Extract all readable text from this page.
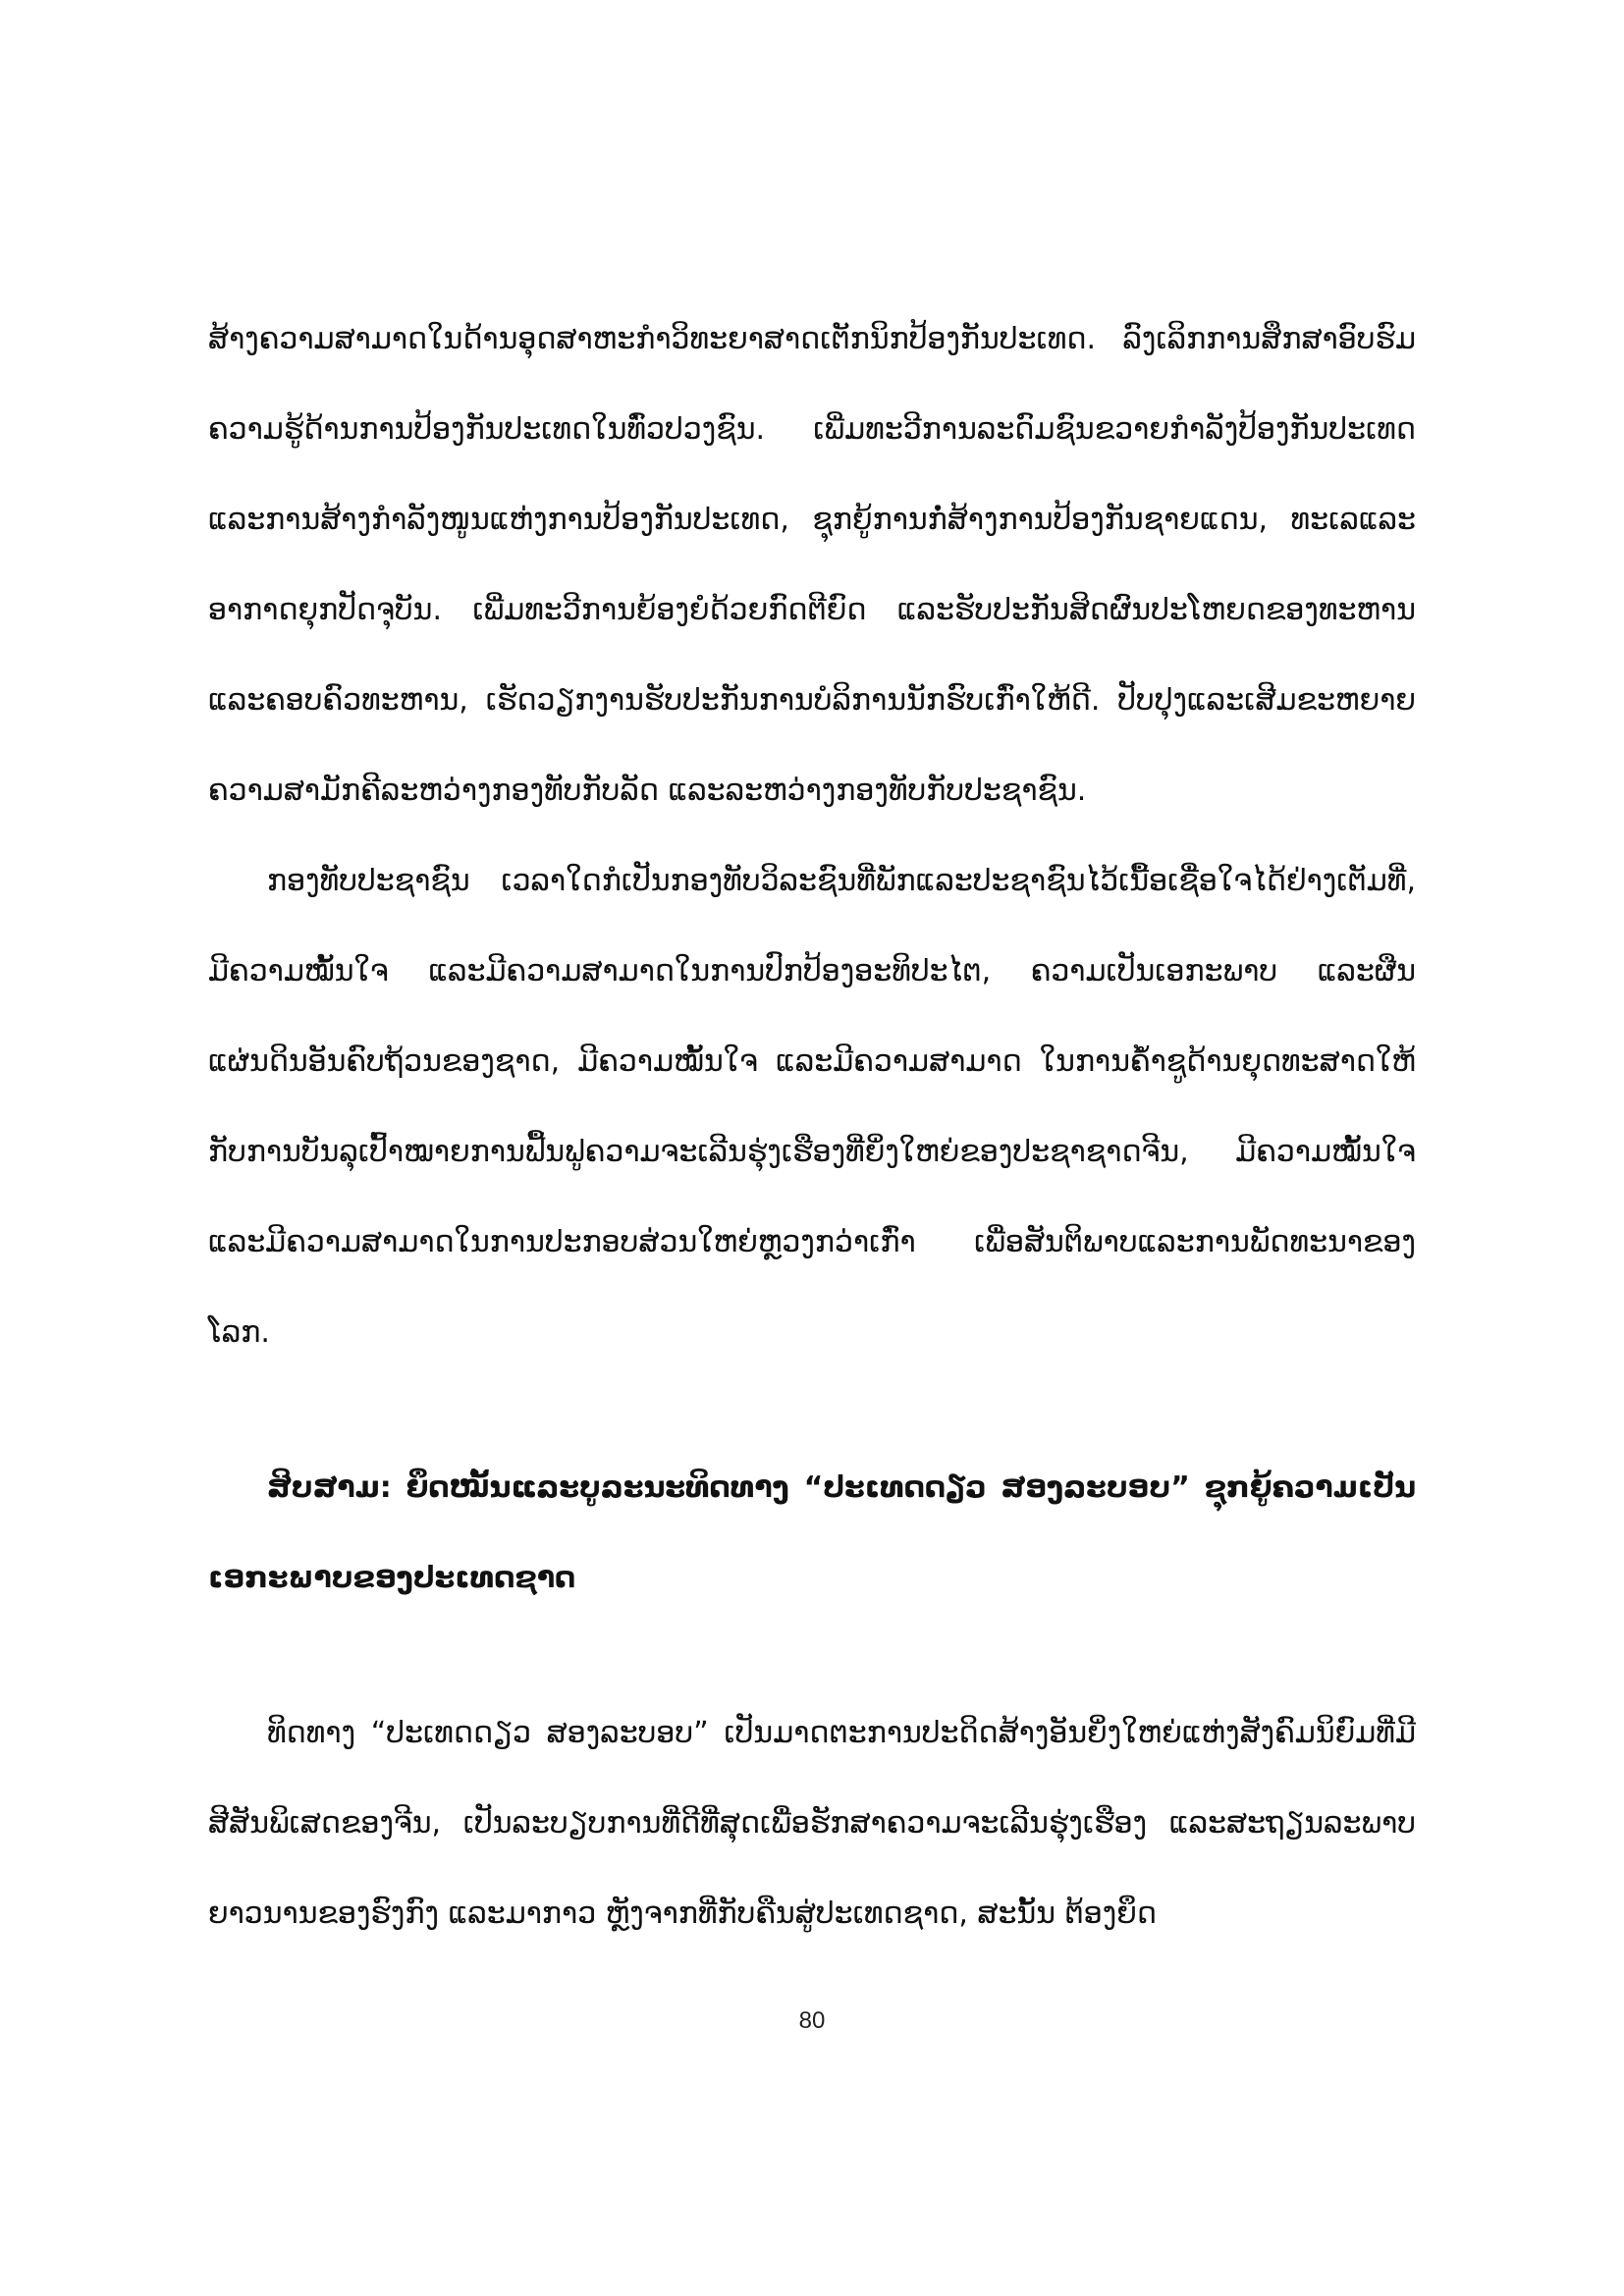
ສ້າງຄວາມສາມາດໃນດ້ານອຸດສາຫະກຳວິທະຍາສາດເຕັກນິກປ້ອງກັນປະເທດ. ລົງເລິກການສຶກສາອົບຮົມຄວາມຮູ້ດ້ານການປ້ອງກັນປະເທດໃນທົ່ວປວງຊົນ. ເພີ່ມທະວີການລະດົມຊົນຂວາຍກຳລັງປ້ອງກັນປະເທດແລະການສ້າງກຳລັງໜູນແຫ່ງການປ້ອງກັນປະເທດ, ຊຸກຍູ້ການກໍ່ສ້າງການປ້ອງກັນຊາຍແດນ, ທະເລແລະອາກາດຍຸກປັດຈຸບັນ. ເພີ່ມທະວີການຍ້ອງຍໍດ້ວຍກົດຕີຍົດ ແລະຮັບປະກັນສິດຜົນປະໂຫຍດຂອງທະຫານ ແລະຄອບຄົວທະຫານ, ເຮັດວຽກງານຮັບປະກັນການບໍລິການນັກຮົບເກົ່າໃຫ້ດີ. ປັບປຸງແລະເສີມຂະຫຍາຍຄວາມສາມັກຄີລະຫວ່າງກອງທັບກັບລັດ ແລະລະຫວ່າງກອງທັບກັບປະຊາຊົນ.

ກອງທັບປະຊາຊົນ ເວລາໃດກໍເປັນກອງທັບວິລະຊົນທີ່ພັກແລະປະຊາຊົນໄວ້ເນື້ອເຊື່ອໃຈໄດ້ຢ່າງເຕັມທີ່, ມີຄວາມໝັ້ນໃຈ ແລະມີຄວາມສາມາດໃນການປົກປ້ອງອະທິປະໄຕ, ຄວາມເປັນເອກະພາບ ແລະຜືນແຜ່ນດິນອັນຄົບຖ້ວນຂອງຊາດ, ມີຄວາມໝັ້ນໃຈ ແລະມີຄວາມສາມາດ ໃນການຄ້ຳຊູດ້ານຍຸດທະສາດໃຫ້ກັບການບັນລຸເປົ້າໝາຍການຟື້ນຟູຄວາມຈະເລີນຮຸ່ງເຮືອງທີ່ຍິ່ງໃຫຍ່ຂອງປະຊາຊາດຈີນ, ມີຄວາມໝັ້ນໃຈ ແລະມີຄວາມສາມາດໃນການປະກອບສ່ວນໃຫຍ່ຫຼວງກວ່າເກົ່າ ເພື່ອສັນຕິພາບແລະການພັດທະນາຂອງໂລກ.

ສິບສາມ: ຍຶດໝັ້ນແລະບູລະນະທິດທາງ “ປະເທດດຽວ ສອງລະບອບ” ຊຸກຍູ້ຄວາມເປັນເອກະພາບຂອງປະເທດຊາດ

ທິດທາງ “ປະເທດດຽວ ສອງລະບອບ” ເປັນມາດຕະການປະດິດສ້າງອັນຍິ່ງໃຫຍ່ແຫ່ງສັງຄົມນິຍົມທີ່ມີສີສັນພິເສດຂອງຈີນ, ເປັນລະບຽບການທີ່ດີທີ່ສຸດເພື່ອຮັກສາຄວາມຈະເລີນຮຸ່ງເຮືອງ ແລະສະຖຽນລະພາບຍາວນານຂອງຮົງກົງ ແລະມາກາວ ຫຼັງຈາກທີ່ກັບຄືນສູ່ປະເທດຊາດ, ສະນັ້ນ ຕ້ອງຍຶດ

80
